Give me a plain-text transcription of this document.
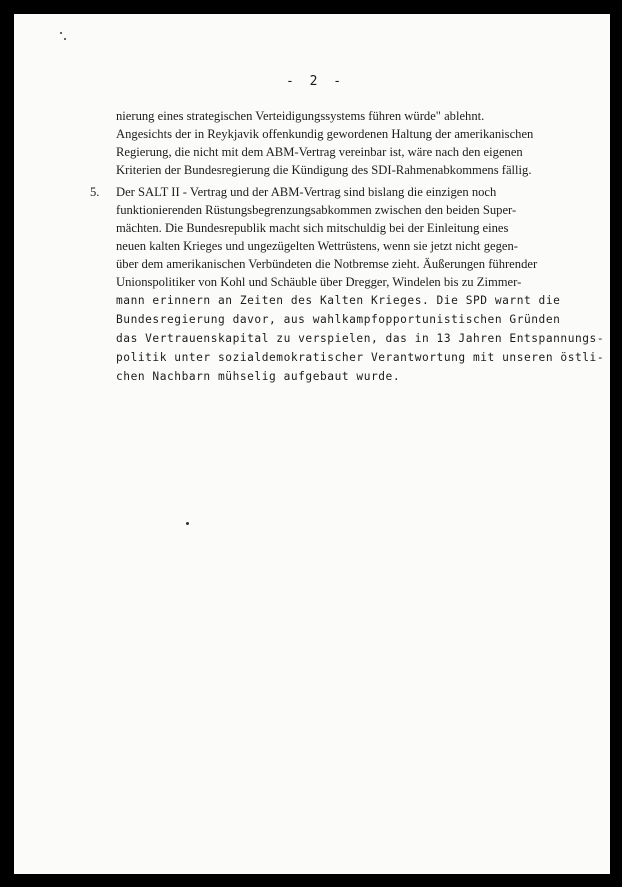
- 2 -
nierung eines strategischen Verteidigungssystems führen würde" ablehnt.
Angesichts der in Reykjavik offenkundig gewordenen Haltung der amerikanischen
Regierung, die nicht mit dem ABM-Vertrag vereinbar ist, wäre nach den eigenen
Kriterien der Bundesregierung die Kündigung des SDI-Rahmenabkommens fällig.
5. Der SALT II - Vertrag und der ABM-Vertrag sind bislang die einzigen noch
funktionierenden Rüstungsbegrenzungsabkommen zwischen den beiden Super-
mächten. Die Bundesrepublik macht sich mitschuldig bei der Einleitung eines
neuen kalten Krieges und ungezügelten Wettrüstens, wenn sie jetzt nicht gegen-
über dem amerikanischen Verbündeten die Notbremse zieht. Äußerungen führender
Unionspolitiker von Kohl und Schäuble über Dregger, Windelen bis zu Zimmer-
mann erinnern an Zeiten des Kalten Krieges. Die SPD warnt die
Bundesregierung davor, aus wahlkampfopportunistischen Gründen
das Vertrauenskapital zu verspielen, das in 13 Jahren Entspannungs-
politik unter sozialdemokratischer Verantwortung mit unseren östli-
chen Nachbarn mühselig aufgebaut wurde.
